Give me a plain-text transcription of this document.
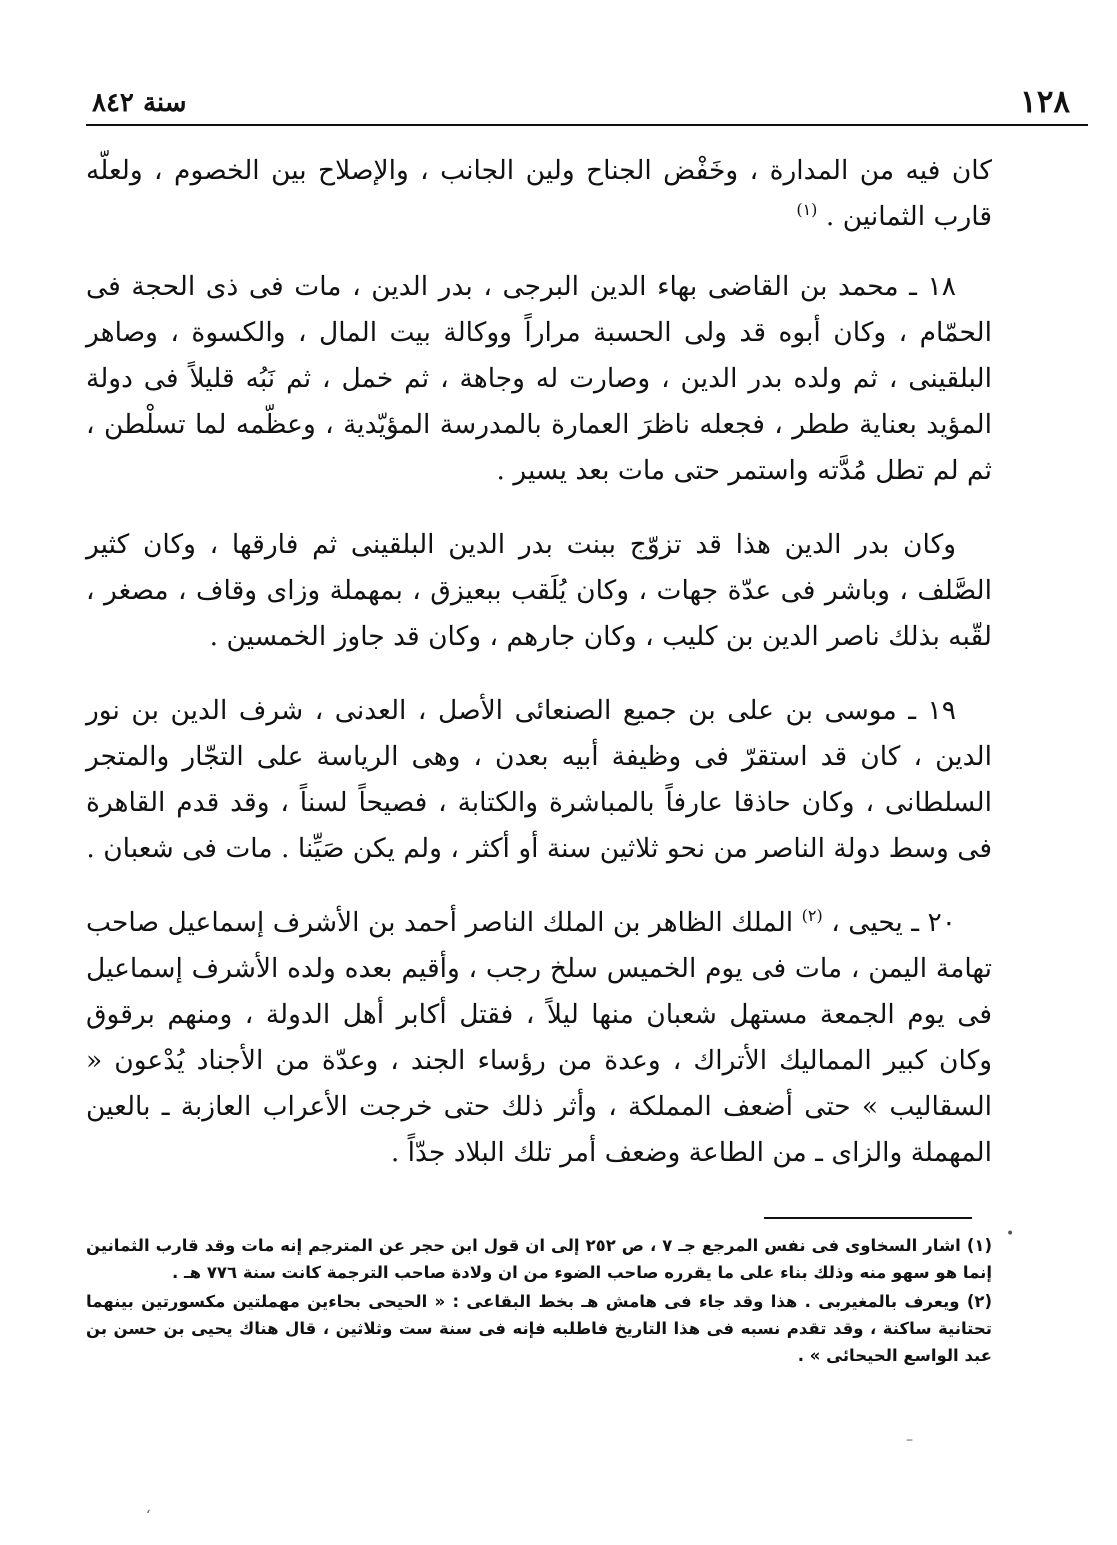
١٢٨
سنة ٨٤٢

كان فيه من المدارة ، وخَفْض الجناح ولين الجانب ، والإصلاح بين الخصوم ، ولعلّه قارب الثمانين . $^{(١)}$

١٨ ـ محمد بن القاضى بهاء الدين البرجى ، بدر الدين ، مات فى ذى الحجة فى الحمّام ، وكان أبوه قد ولى الحسبة مراراً ووكالة بيت المال ، والكسوة ، وصاهر البلقينى ، ثم ولده بدر الدين ، وصارت له وجاهة ، ثم خمل ، ثم نَبُه قليلاً فى دولة المؤيد بعناية ططر ، فجعله ناظرَ العمارة بالمدرسة المؤيّدية ، وعظّمه لما تسلْطن ، ثم لم تطل مُدَّته واستمر حتى مات بعد يسير .

وكان بدر الدين هذا قد تزوّج ببنت بدر الدين البلقينى ثم فارقها ، وكان كثير الصَّلف ، وباشر فى عدّة جهات ، وكان يُلَقب ببعيزق ، بمهملة وزاى وقاف ، مصغر ، لقّبه بذلك ناصر الدين بن كليب ، وكان جارهم ، وكان قد جاوز الخمسين .

١٩ ـ موسى بن على بن جميع الصنعائى الأصل ، العدنى ، شرف الدين بن نور الدين ، كان قد استقرّ فى وظيفة أبيه بعدن ، وهى الرياسة على التجّار والمتجر السلطانى ، وكان حاذقا عارفاً بالمباشرة والكتابة ، فصيحاً لسناً ، وقد قدم القاهرة فى وسط دولة الناصر من نحو ثلاثين سنة أو أكثر ، ولم يكن صَيِّنا . مات فى شعبان .

٢٠ ـ يحيى ، $^{(٢)}$ الملك الظاهر بن الملك الناصر أحمد بن الأشرف إسماعيل صاحب تهامة اليمن ، مات فى يوم الخميس سلخ رجب ، وأقيم بعده ولده الأشرف إسماعيل فى يوم الجمعة مستهل شعبان منها ليلاً ، فقتل أكابر أهل الدولة ، ومنهم برقوق وكان كبير المماليك الأتراك ، وعدة من رؤساء الجند ، وعدّة من الأجناد يُدْعون « السقاليب » حتى أضعف المملكة ، وأثر ذلك حتى خرجت الأعراب العازبة ـ بالعين المهملة والزاى ـ من الطاعة وضعف أمر تلك البلاد جدّاً .

(١) اشار السخاوى فى نفس المرجع جـ ٧ ، ص ٢٥٢ إلى ان قول ابن حجر عن المترجم إنه مات وقد قارب الثمانين إنما هو سهو منه وذلك بناء على ما يقرره صاحب الضوء من ان ولادة صاحب الترجمة كانت سنة ٧٧٦ هـ .

(٢) ويعرف بالمغيربى . هذا وقد جاء فى هامش هـ بخط البقاعى : « الحيحى بحاءين مهملتين مكسورتين بينهما تحتانية ساكنة ، وقد تقدم نسبه فى هذا التاريخ فاطلبه فإنه فى سنة ست وثلاثين ، قال هناك يحيى بن حسن بن عبد الواسع الحيحائى » .

•
–
‘
